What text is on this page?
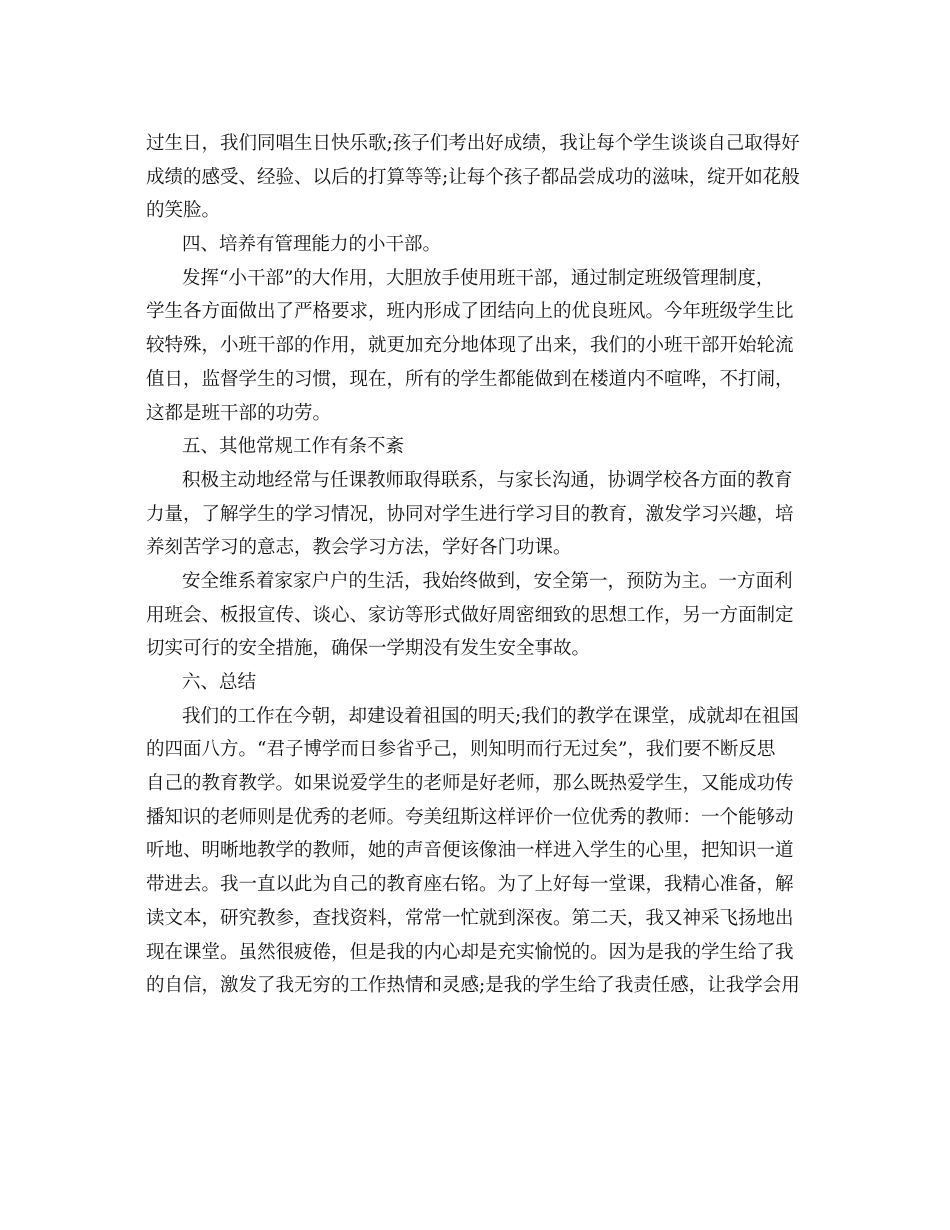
过生日，我们同唱生日快乐歌;孩子们考出好成绩，我让每个学生谈谈自己取得好
成绩的感受、经验、以后的打算等等;让每个孩子都品尝成功的滋味，绽开如花般
的笑脸。
四、培养有管理能力的小干部。
发挥“小干部”的大作用，大胆放手使用班干部，通过制定班级管理制度，
学生各方面做出了严格要求，班内形成了团结向上的优良班风。今年班级学生比
较特殊，小班干部的作用，就更加充分地体现了出来，我们的小班干部开始轮流
值日，监督学生的习惯，现在，所有的学生都能做到在楼道内不喧哗，不打闹，
这都是班干部的功劳。
五、其他常规工作有条不紊
积极主动地经常与任课教师取得联系，与家长沟通，协调学校各方面的教育
力量，了解学生的学习情况，协同对学生进行学习目的教育，激发学习兴趣，培
养刻苦学习的意志，教会学习方法，学好各门功课。
安全维系着家家户户的生活，我始终做到，安全第一，预防为主。一方面利
用班会、板报宣传、谈心、家访等形式做好周密细致的思想工作，另一方面制定
切实可行的安全措施，确保一学期没有发生安全事故。
六、总结
我们的工作在今朝，却建设着祖国的明天;我们的教学在课堂，成就却在祖国
的四面八方。“君子博学而日参省乎己，则知明而行无过矣”，我们要不断反思
自己的教育教学。如果说爱学生的老师是好老师，那么既热爱学生，又能成功传
播知识的老师则是优秀的老师。夸美纽斯这样评价一位优秀的教师：一个能够动
听地、明晰地教学的教师，她的声音便该像油一样进入学生的心里，把知识一道
带进去。我一直以此为自己的教育座右铭。为了上好每一堂课，我精心准备，解
读文本，研究教参，查找资料，常常一忙就到深夜。第二天，我又神采飞扬地出
现在课堂。虽然很疲倦，但是我的内心却是充实愉悦的。因为是我的学生给了我
的自信，激发了我无穷的工作热情和灵感;是我的学生给了我责任感，让我学会用
